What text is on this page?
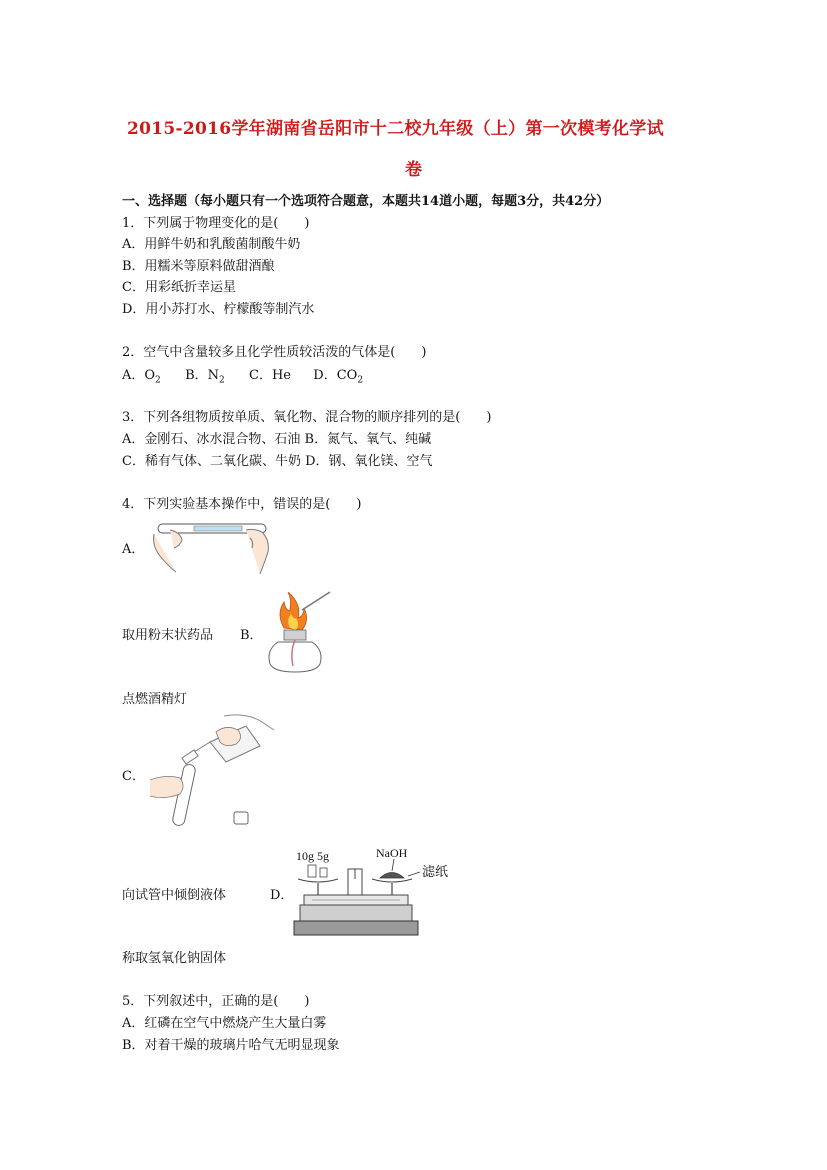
2015-2016学年湖南省岳阳市十二校九年级（上）第一次模考化学试
卷
一、选择题（每小题只有一个选项符合题意，本题共14道小题，每题3分，共42分）
1．下列属于物理变化的是(　　)
A．用鲜牛奶和乳酸菌制酸牛奶
B．用糯米等原料做甜酒酿
C．用彩纸折幸运星
D．用小苏打水、柠檬酸等制汽水
2．空气中含量较多且化学性质较活泼的气体是(　　)
A．$O_2$ B．$N_2$ C．He D．$CO_2$
3．下列各组物质按单质、氧化物、混合物的顺序排列的是(　　)
A．金刚石、冰水混合物、石油 B．氮气、氧气、纯碱
C．稀有气体、二氧化碳、牛奶 D．钢、氧化镁、空气
4．下列实验基本操作中，错误的是(　　)
A．
取用粉末状药品 B．
点燃酒精灯
C．
向试管中倾倒液体	D．
10g 5g	NaOH
滤纸
称取氢氧化钠固体
5．下列叙述中，正确的是(　　)
A．红磷在空气中燃烧产生大量白雾
B．对着干燥的玻璃片哈气无明显现象
